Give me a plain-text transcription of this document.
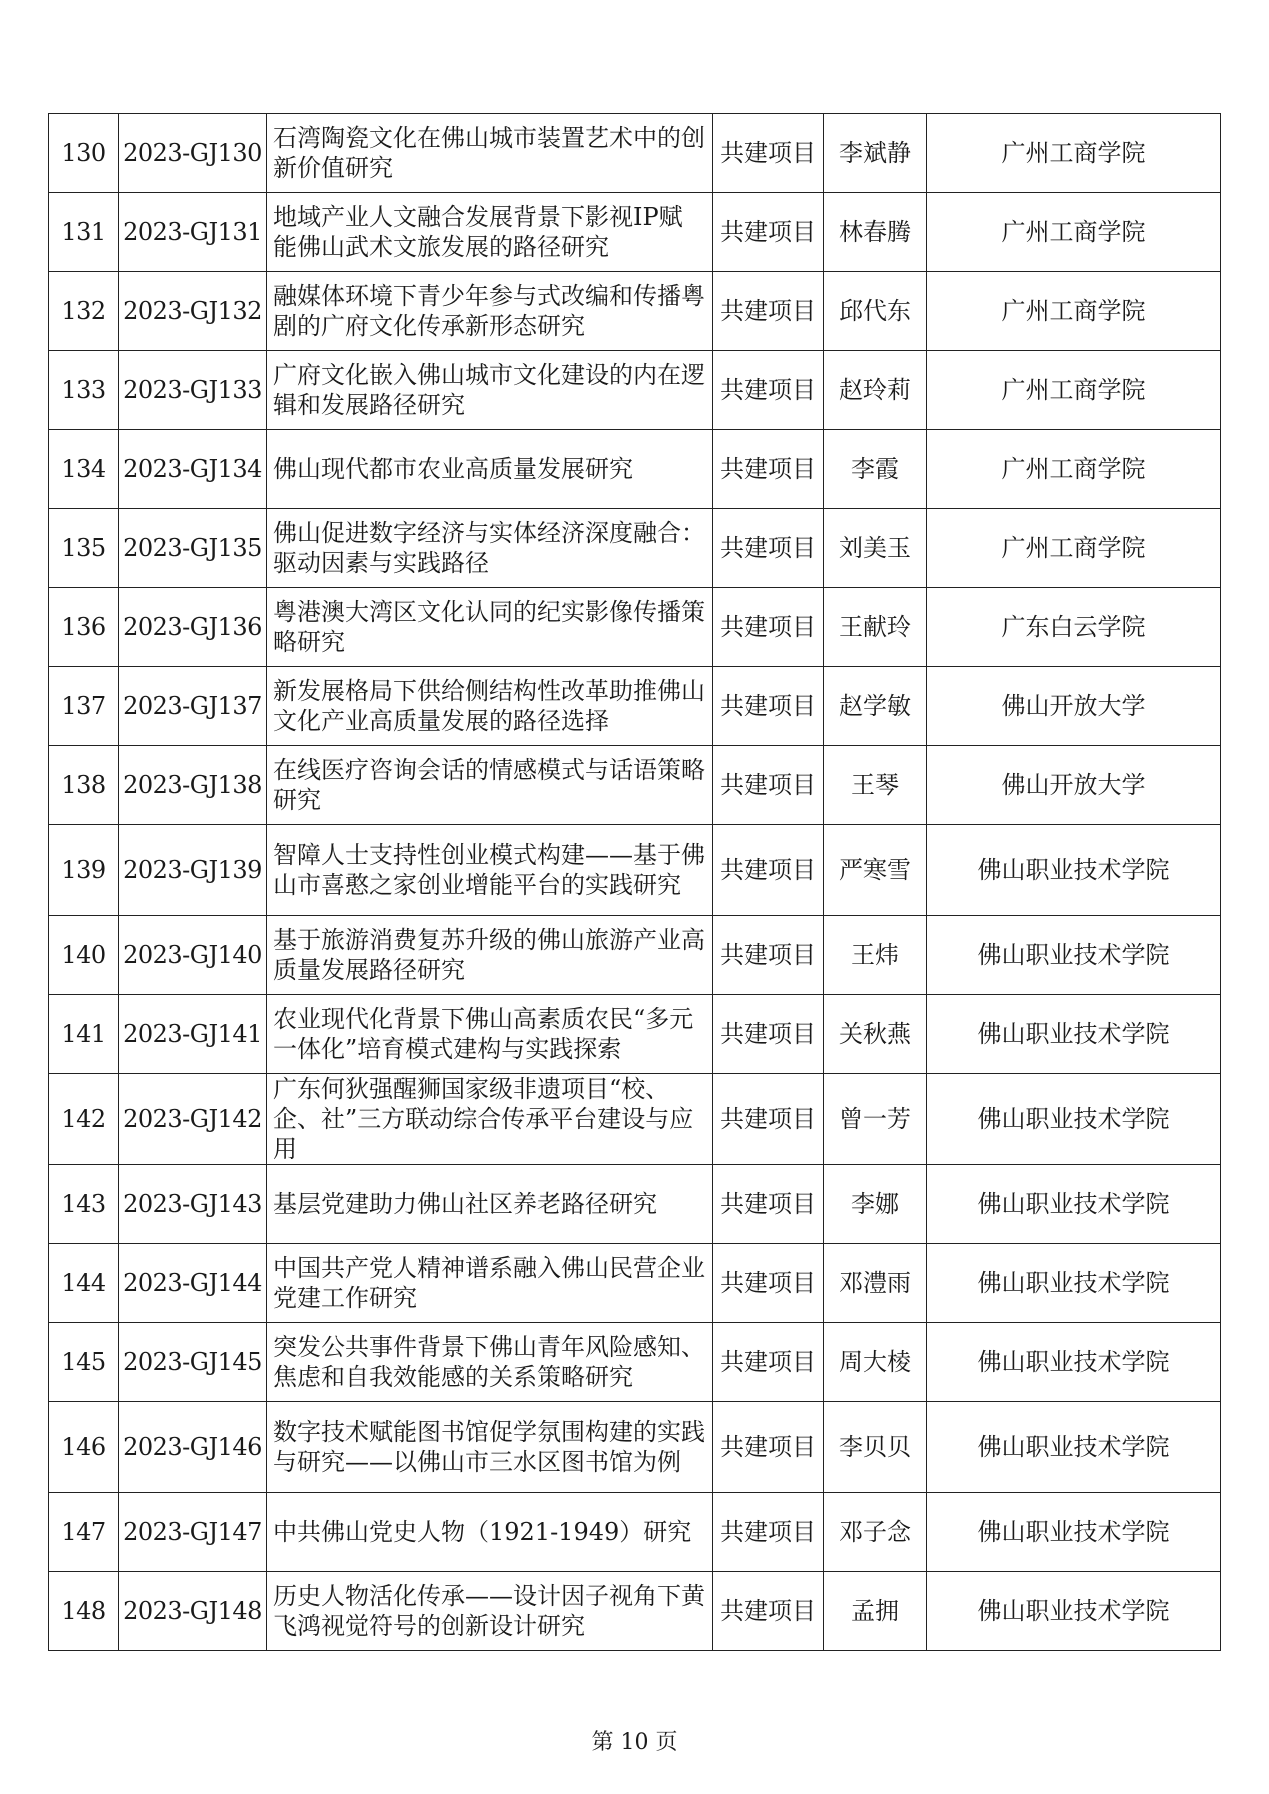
130	2023-GJ130	石湾陶瓷文化在佛山城市装置艺术中的创新价值研究	共建项目	李斌静	广州工商学院
131	2023-GJ131	地域产业人文融合发展背景下影视IP赋能佛山武术文旅发展的路径研究	共建项目	林春腾	广州工商学院
132	2023-GJ132	融媒体环境下青少年参与式改编和传播粤剧的广府文化传承新形态研究	共建项目	邱代东	广州工商学院
133	2023-GJ133	广府文化嵌入佛山城市文化建设的内在逻辑和发展路径研究	共建项目	赵玲莉	广州工商学院
134	2023-GJ134	佛山现代都市农业高质量发展研究	共建项目	李霞	广州工商学院
135	2023-GJ135	佛山促进数字经济与实体经济深度融合：驱动因素与实践路径	共建项目	刘美玉	广州工商学院
136	2023-GJ136	粤港澳大湾区文化认同的纪实影像传播策略研究	共建项目	王献玲	广东白云学院
137	2023-GJ137	新发展格局下供给侧结构性改革助推佛山文化产业高质量发展的路径选择	共建项目	赵学敏	佛山开放大学
138	2023-GJ138	在线医疗咨询会话的情感模式与话语策略研究	共建项目	王琴	佛山开放大学
139	2023-GJ139	智障人士支持性创业模式构建——基于佛山市喜憨之家创业增能平台的实践研究	共建项目	严寒雪	佛山职业技术学院
140	2023-GJ140	基于旅游消费复苏升级的佛山旅游产业高质量发展路径研究	共建项目	王炜	佛山职业技术学院
141	2023-GJ141	农业现代化背景下佛山高素质农民“多元一体化”培育模式建构与实践探索	共建项目	关秋燕	佛山职业技术学院
142	2023-GJ142	广东何狄强醒狮国家级非遗项目“校、企、社”三方联动综合传承平台建设与应用	共建项目	曾一芳	佛山职业技术学院
143	2023-GJ143	基层党建助力佛山社区养老路径研究	共建项目	李娜	佛山职业技术学院
144	2023-GJ144	中国共产党人精神谱系融入佛山民营企业党建工作研究	共建项目	邓澧雨	佛山职业技术学院
145	2023-GJ145	突发公共事件背景下佛山青年风险感知、焦虑和自我效能感的关系策略研究	共建项目	周大棱	佛山职业技术学院
146	2023-GJ146	数字技术赋能图书馆促学氛围构建的实践与研究——以佛山市三水区图书馆为例	共建项目	李贝贝	佛山职业技术学院
147	2023-GJ147	中共佛山党史人物（1921-1949）研究	共建项目	邓子念	佛山职业技术学院
148	2023-GJ148	历史人物活化传承——设计因子视角下黄飞鸿视觉符号的创新设计研究	共建项目	孟拥	佛山职业技术学院
第 10 页
